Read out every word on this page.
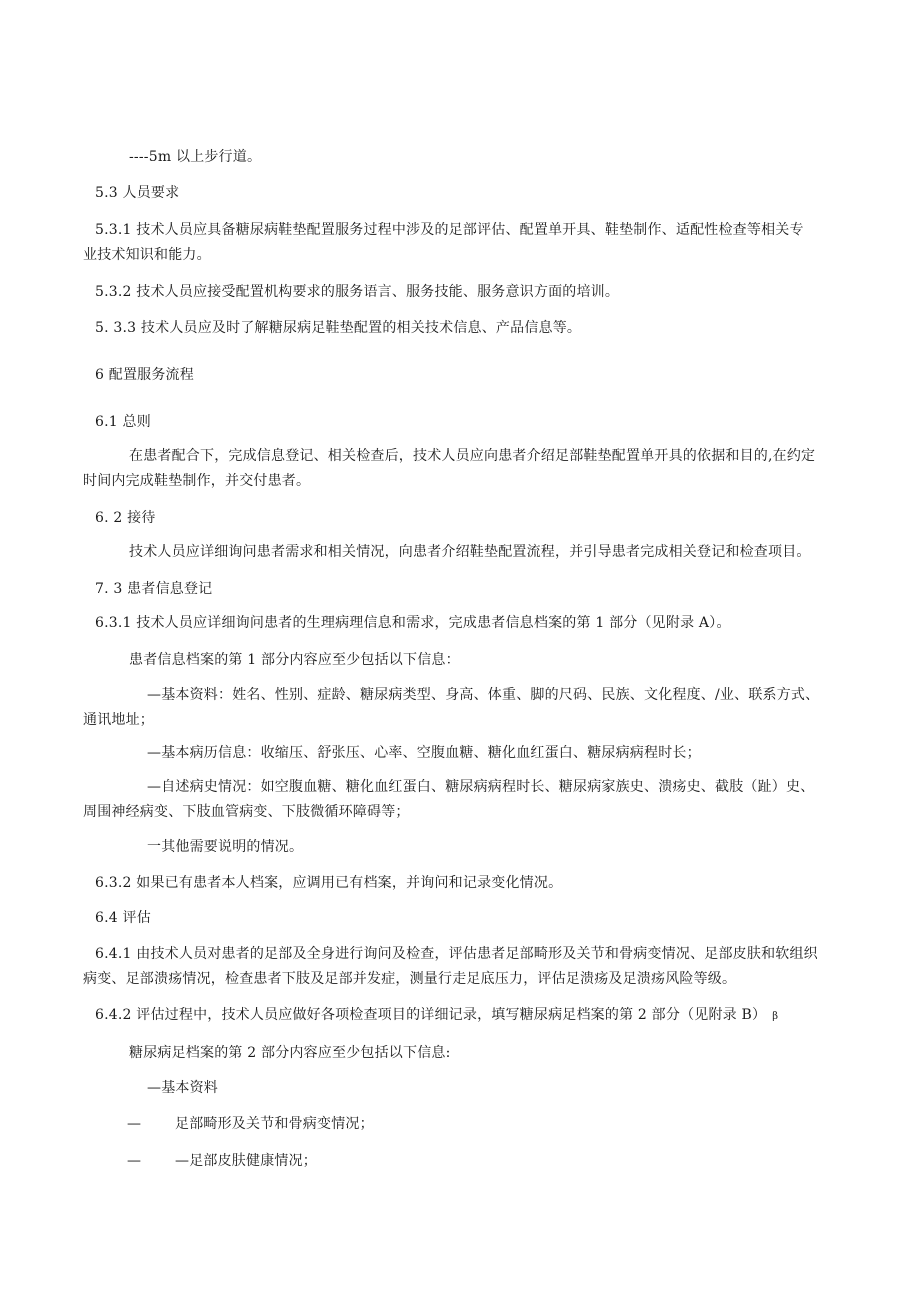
----5m 以上步行道。
5.3 人员要求
5.3.1 技术人员应具备糖尿病鞋垫配置服务过程中涉及的足部评估、配置单开具、鞋垫制作、适配性检查等相关专
业技术知识和能力。
5.3.2 技术人员应接受配置机构要求的服务语言、服务技能、服务意识方面的培训。
5. 3.3 技术人员应及时了解糖尿病足鞋垫配置的相关技术信息、产品信息等。
6 配置服务流程
6.1 总则
在患者配合下，完成信息登记、相关检查后，技术人员应向患者介绍足部鞋垫配置单开具的依据和目的,在约定
时间内完成鞋垫制作，并交付患者。
6. 2 接待
技术人员应详细询问患者需求和相关情况，向患者介绍鞋垫配置流程，并引导患者完成相关登记和检查项目。
7. 3 患者信息登记
6.3.1 技术人员应详细询问患者的生理病理信息和需求，完成患者信息档案的第 1 部分（见附录 A）。
患者信息档案的第 1 部分内容应至少包括以下信息：
—基本资料：姓名、性别、症龄、糖尿病类型、身高、体重、脚的尺码、民族、文化程度、/业、联系方式、
通讯地址；
—基本病历信息：收缩压、舒张压、心率、空腹血糖、糖化血红蛋白、糖尿病病程时长；
—自述病史情况：如空腹血糖、糖化血红蛋白、糖尿病病程时长、糖尿病家族史、溃疡史、截肢（趾）史、
周围神经病变、下肢血管病变、下肢微循环障碍等；
一其他需要说明的情况。
6.3.2 如果已有患者本人档案，应调用已有档案，并询问和记录变化情况。
6.4 评估
6.4.1 由技术人员对患者的足部及全身进行询问及检查，评估患者足部畸形及关节和骨病变情况、足部皮肤和软组织
病变、足部溃疡情况，检查患者下肢及足部并发症，测量行走足底压力，评估足溃疡及足溃疡风险等级。
6.4.2 评估过程中，技术人员应做好各项检查项目的详细记录，填写糖尿病足档案的第 2 部分（见附录 B） β
糖尿病足档案的第 2 部分内容应至少包括以下信息:
—基本资料
— 足部畸形及关节和骨病变情况；
— —足部皮肤健康情况；
